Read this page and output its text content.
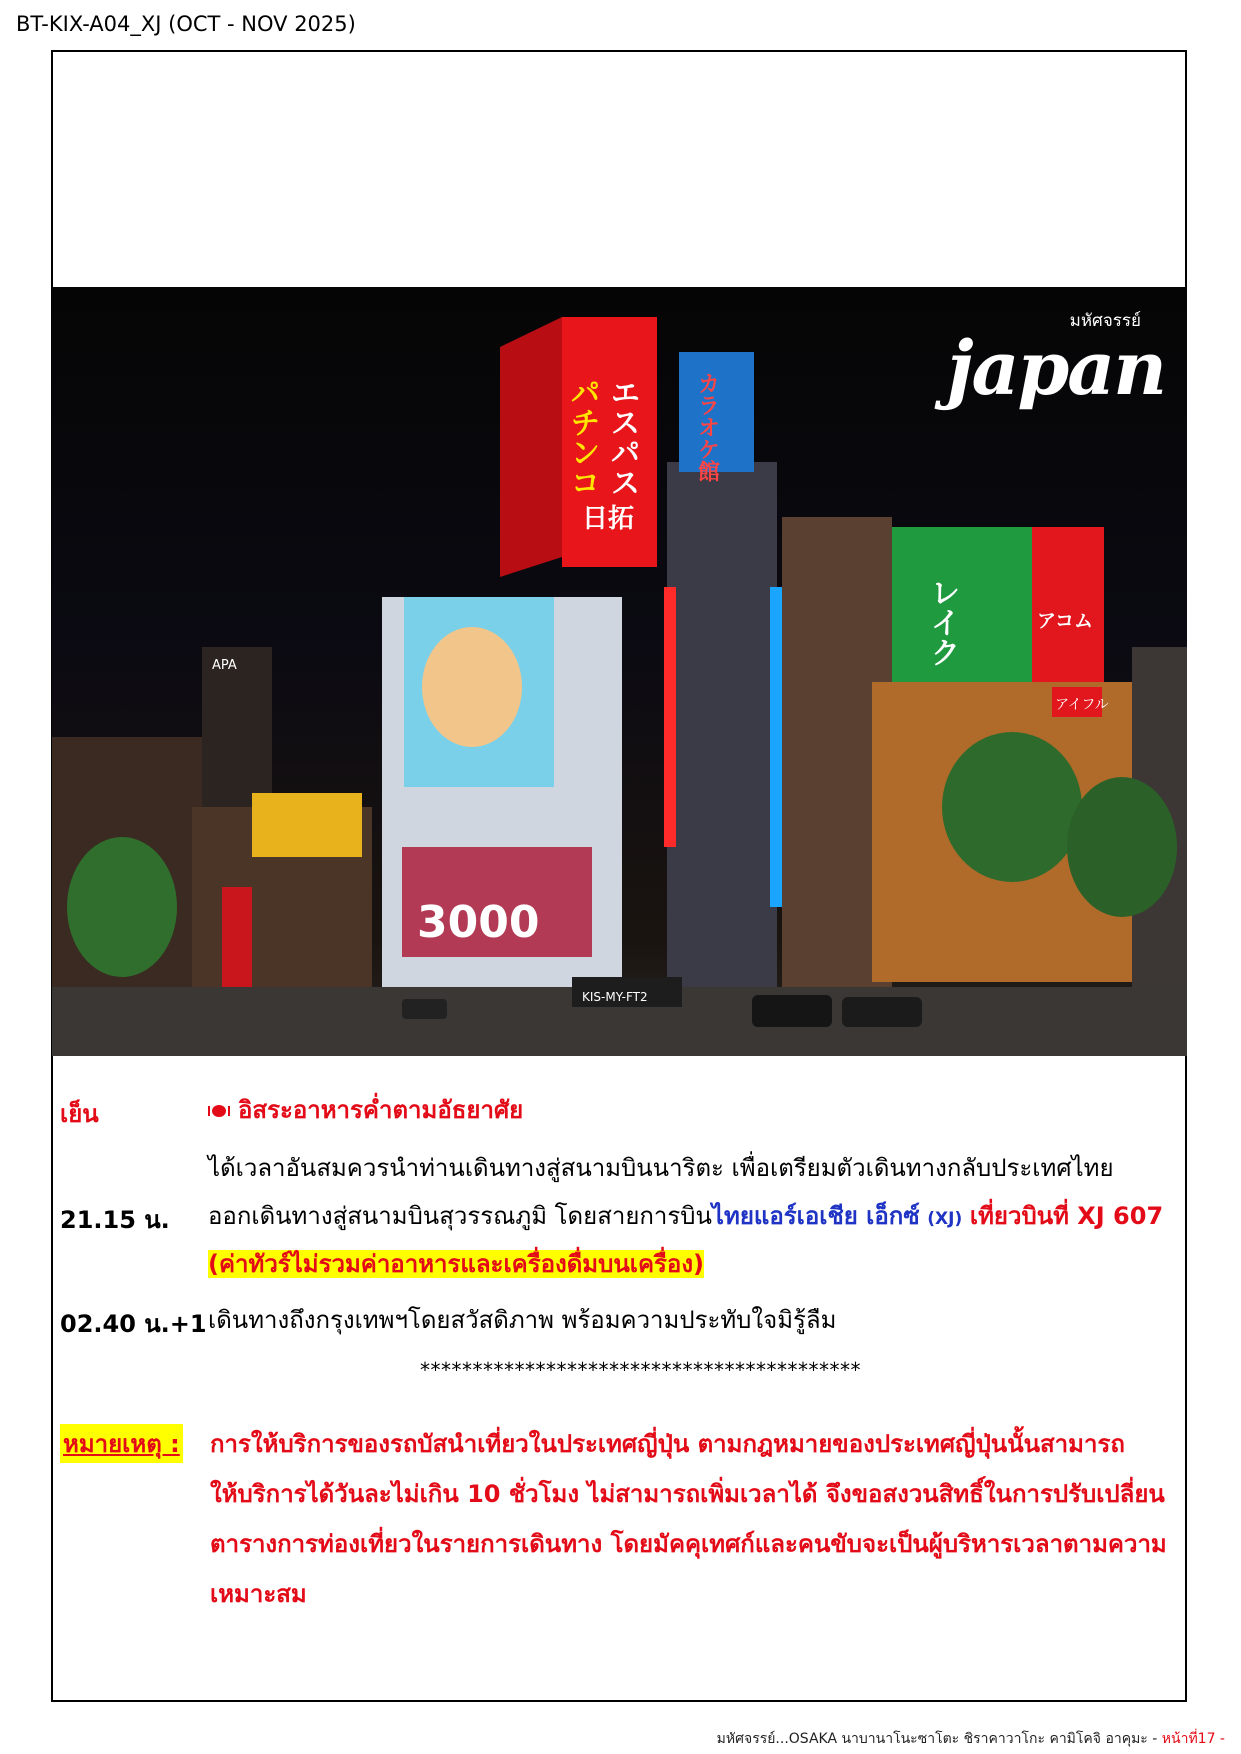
BT-KIX-A04_XJ (OCT - NOV 2025)
APA
3000
パチンコ エスパス
日拓
カラオケ館
レイク	アコム
アイフル
KIS-MY-FT2
มหัศจรรย์
japan
เย็น	อิสระอาหารค่ำตามอัธยาศัย
ได้เวลาอันสมควรนำท่านเดินทางสู่สนามบินนาริตะ เพื่อเตรียมตัวเดินทางกลับประเทศไทย
21.15 น. ออกเดินทางสู่สนามบินสุวรรณภูมิ โดยสายการบินไทยแอร์เอเชีย เอ็กซ์ (XJ) เที่ยวบินที่ XJ 607
(ค่าทัวร์ไม่รวมค่าอาหารและเครื่องดื่มบนเครื่อง)
02.40 น.+1 เดินทางถึงกรุงเทพฯโดยสวัสดิภาพ พร้อมความประทับใจมิรู้ลืม
******************************************
หมายเหตุ : การให้บริการของรถบัสนำเที่ยวในประเทศญี่ปุ่น ตามกฎหมายของประเทศญี่ปุ่นนั้นสามารถ
ให้บริการได้วันละไม่เกิน 10 ชั่วโมง ไม่สามารถเพิ่มเวลาได้ จึงขอสงวนสิทธิ์ในการปรับเปลี่ยน
ตารางการท่องเที่ยวในรายการเดินทาง โดยมัคคุเทศก์และคนขับจะเป็นผู้บริหารเวลาตามความ
เหมาะสม
มหัศจรรย์...OSAKA นาบานาโนะซาโตะ ชิราคาวาโกะ คามิโคจิ อาคุมะ - หน้าที่17 -
